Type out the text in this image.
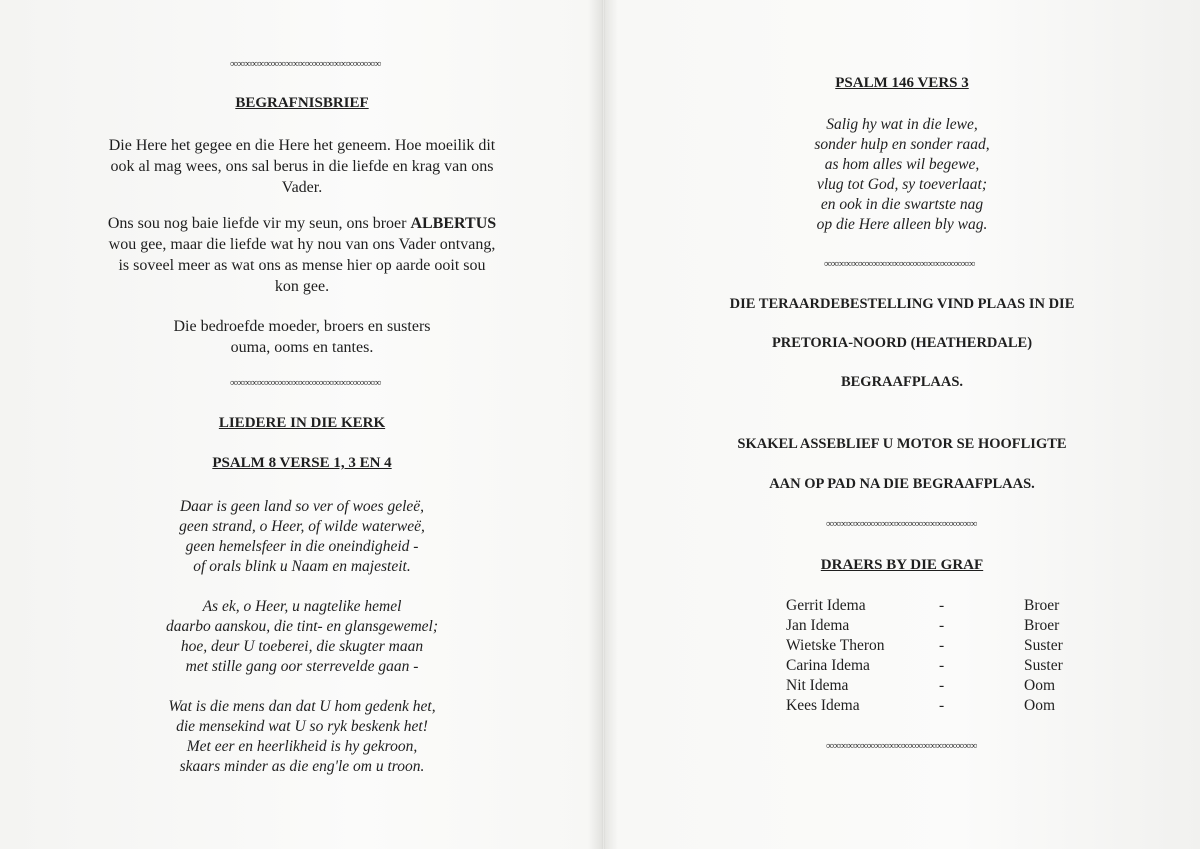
∞∞∞∞∞∞∞∞∞∞∞∞∞∞∞∞∞∞∞∞∞∞
BEGRAFNISBRIEF
Die Here het gegee en die Here het geneem. Hoe moeilik dit
ook al mag wees, ons sal berus in die liefde en krag van ons
Vader.
Ons sou nog baie liefde vir my seun, ons broer ALBERTUS
wou gee, maar die liefde wat hy nou van ons Vader ontvang,
is soveel meer as wat ons as mense hier op aarde ooit sou
kon gee.
Die bedroefde moeder, broers en susters
ouma, ooms en tantes.
∞∞∞∞∞∞∞∞∞∞∞∞∞∞∞∞∞∞∞∞∞∞
LIEDERE IN DIE KERK
PSALM 8 VERSE 1, 3 EN 4
Daar is geen land so ver of woes geleë,
geen strand, o Heer, of wilde waterweë,
geen hemelsfeer in die oneindigheid -
of orals blink u Naam en majesteit.
As ek, o Heer, u nagtelike hemel
daarbo aanskou, die tint- en glansgewemel;
hoe, deur U toeberei, die skugter maan
met stille gang oor sterrevelde gaan -
Wat is die mens dan dat U hom gedenk het,
die mensekind wat U so ryk beskenk het!
Met eer en heerlikheid is hy gekroon,
skaars minder as die eng'le om u troon.
PSALM 146 VERS 3
Salig hy wat in die lewe,
sonder hulp en sonder raad,
as hom alles wil begewe,
vlug tot God, sy toeverlaat;
en ook in die swartste nag
op die Here alleen bly wag.
∞∞∞∞∞∞∞∞∞∞∞∞∞∞∞∞∞∞∞∞∞∞
DIE TERAARDEBESTELLING VIND PLAAS IN DIE
PRETORIA-NOORD (HEATHERDALE)
BEGRAAFPLAAS.
SKAKEL ASSEBLIEF U MOTOR SE HOOFLIGTE
AAN OP PAD NA DIE BEGRAAFPLAAS.
∞∞∞∞∞∞∞∞∞∞∞∞∞∞∞∞∞∞∞∞∞∞
DRAERS BY DIE GRAF
Gerrit Idema	-	Broer
Jan Idema	-	Broer
Wietske Theron	-	Suster
Carina Idema	-	Suster
Nit Idema	-	Oom
Kees Idema	-	Oom
∞∞∞∞∞∞∞∞∞∞∞∞∞∞∞∞∞∞∞∞∞∞
